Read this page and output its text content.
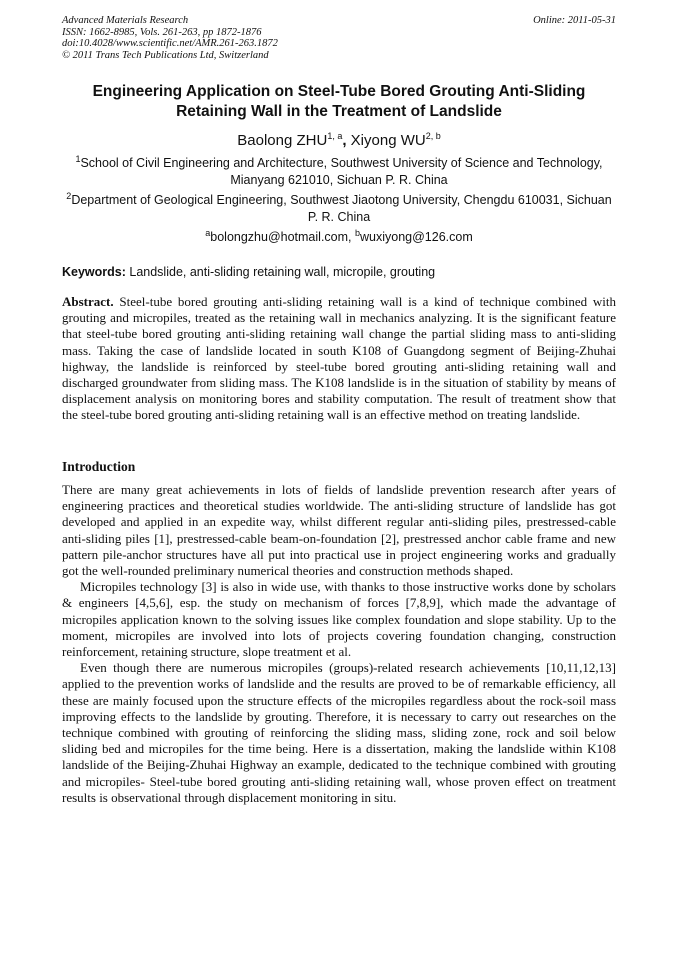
Advanced Materials Research
ISSN: 1662-8985, Vols. 261-263, pp 1872-1876
doi:10.4028/www.scientific.net/AMR.261-263.1872
© 2011 Trans Tech Publications Ltd, Switzerland
Online: 2011-05-31
Engineering Application on Steel-Tube Bored Grouting Anti-Sliding Retaining Wall in the Treatment of Landslide
Baolong ZHU$^{1, a}$, Xiyong WU$^{2, b}$
$^1$School of Civil Engineering and Architecture, Southwest University of Science and Technology, Mianyang 621010, Sichuan P. R. China
$^2$Department of Geological Engineering, Southwest Jiaotong University, Chengdu 610031, Sichuan P. R. China
$^a$bolongzhu@hotmail.com, $^b$wuxiyong@126.com
Keywords: Landslide, anti-sliding retaining wall, micropile, grouting
Abstract. Steel-tube bored grouting anti-sliding retaining wall is a kind of technique combined with grouting and micropiles, treated as the retaining wall in mechanics analyzing. It is the significant feature that steel-tube bored grouting anti-sliding retaining wall change the partial sliding mass to anti-sliding mass. Taking the case of landslide located in south K108 of Guangdong segment of Beijing-Zhuhai highway, the landslide is reinforced by steel-tube bored grouting anti-sliding retaining wall and discharged groundwater from sliding mass. The K108 landslide is in the situation of stability by means of displacement analysis on monitoring bores and stability computation. The result of treatment show that the steel-tube bored grouting anti-sliding retaining wall is an effective method on treating landslide.
Introduction

There are many great achievements in lots of fields of landslide prevention research after years of engineering practices and theoretical studies worldwide. The anti-sliding structure of landslide has got developed and applied in an expedite way, whilst different regular anti-sliding piles, prestressed-cable anti-sliding piles [1], prestressed-cable beam-on-foundation [2], prestressed anchor cable frame and new pattern pile-anchor structures have all put into practical use in project engineering works and gradually got the well-rounded preliminary numerical theories and construction methods shaped.

Micropiles technology [3] is also in wide use, with thanks to those instructive works done by scholars & engineers [4,5,6], esp. the study on mechanism of forces [7,8,9], which made the advantage of micropiles application known to the solving issues like complex foundation and slope stability. Up to the moment, micropiles are involved into lots of projects covering foundation changing, construction reinforcement, retaining structure, slope treatment et al.

Even though there are numerous micropiles (groups)-related research achievements [10,11,12,13] applied to the prevention works of landslide and the results are proved to be of remarkable efficiency, all these are mainly focused upon the structure effects of the micropiles regardless about the rock-soil mass improving effects to the landslide by grouting. Therefore, it is necessary to carry out researches on the technique combined with grouting of reinforcing the sliding mass, sliding zone, rock and soil below sliding bed and micropiles for the time being. Here is a dissertation, making the landslide within K108 landslide of the Beijing-Zhuhai Highway an example, dedicated to the technique combined with grouting and micropiles- Steel-tube bored grouting anti-sliding retaining wall, whose proven effect on treatment results is observational through displacement monitoring in situ.
